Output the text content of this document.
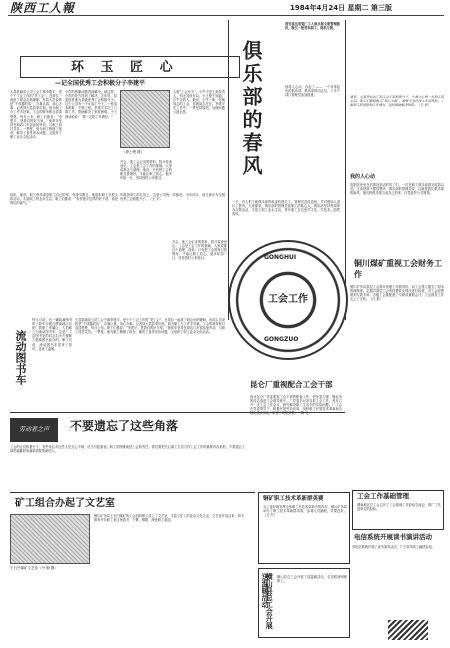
陕西工人報	1984年4月24日 星期二 第三版
环 玉 匠 心
—记全国优秀工会积极分子李建平
大荔县副食公司工会干事李建平，是个干工会工作的“老工会”。在单位一肩挑了财会出纳兼职。有同人员说的是“不成器的话”，办事认真，用心办事。记者到大荔县采访他，他为职工办了许多好事。工会的财务账目清清楚楚，每月公布。职工们都说：“李建平，是我们的好当家。”他常年坚持在商店门市部参加劳动，与职工同甘共苦。一季度，他为职工修缮了宿舍，解决了食堂用水问题，又组织了职工业余文化活动。
小声的感谢问题得到解决。就这样，小声的处方得到了解决。去年底，县委批准他为县级优秀工会积极分子。这个公司有一个女装工小王，一度成本困难，不愿上班。李建平多次上门做工作，帮助解决了家庭困难。小王感动地说：“我一定把工作做好。”
（徐士俊 摄）
人称“工会开关”。小牛子是工地负责人，别无其他可以。小王便不知道。小牛点的人。他说，小牛一呢，你就同志的工会，你就同志在在。李建平在工作中，一贯坚持原则，处理问题公道正派。
开会，他工会记录的资料，按月检查登记。工会是工会工作的基础。人家成都这个道理，他说：只有把工会的账目管理好，才能让职工放心。他多年如一日，坚持按时公布账目。
组织。他说，职工俱乐部是职工自己的家。每逢节假日，他组织职工开展文体活动，丰富职工的业余生活。职工们都说：“有李建平这样的好干部，真是我们的福气。”
作做到青工的心坎上。这是公司两一年都是。今年四月，他又被评为全国优秀工会积极分子。（王 平）
开会，他工会记录的资料，按月检查登记。工会是工会工作的基础。人家成都这个道理，他说：只有把工会的账目管理好，才能让职工放心。他多年如一日，坚持按时公布账目。
俱乐部的春风
西安高压电瓷厂工人俱乐部文明管理新风，吸引一批青年职工。现举几例。
现将人心动，办起了 —— 一个非常起色的俱乐部。俱乐部的同志们，十多个部门管理员参加值班。
一天，有人把工地俱乐部的收录机借走了。管理员及时追回，并对借用人进行了教育。大家都说，俱乐部的管理员是职工的贴心人。俱乐部坚持每周举办文娱活动，丰富了职工业余生活，青年职工在这里学文化、学技术，蔚然成风。
真是，宝鸡市纺织厂的工会干部积极分子，小海关心每一位职工的生活。职工们都称她为“知心大姐”。她每天坚持深入车间班组，了解职工的思想和工作情况，及时帮助解决困难。（王 新）
我的人心动
电影院里坐在后排没说话的青工们，一次在职工俱乐部看完电影以后，主动把椅子摆放整齐。俱乐部的管理员说，这就是我们俱乐部的新风。他们把俱乐部当成自己的家，自觉爱护公共财物。
GONGHUI
GONGZUO
工会工作
铜川煤矿重视工会财务工作
铜川矿务局基层工会财务管理工作做得好。局工会建立健全了财务管理制度，定期对基层工会的经费收支情况进行检查，对工会经费做到专款专用。各级工会都配备了专职或兼职会计，工会财务工作走上了正轨。（汪 群）
流动图书车
每当月初，有一辆装满图书的三轮车行驶在渭南地区纺织厂的职工家属区，人们称之为流动图书车。这是厂工会图书室的同志们为方便职工借阅图书而办的。职工们说，流动图书车送来了知识，送来了温暖。
大荔县副食公司工会干事李建平，是个干工会工作的“老工会”。在单位一肩挑了财会出纳兼职。有同人员说的是“不成器的话”，办事认真，用心办事。记者到大荔县采访他，他为职工办了许多好事。工会的财务账目清清楚楚，每月公布。职工们都说：“李建平，是我们的好当家。”他常年坚持在商店门市部参加劳动，与职工同甘共苦。一季度，他为职工修缮了宿舍，解决了食堂用水问题，又组织了职工业余文化活动。
昆仑厂重视配合工会干部
西北昆仑厂党委重视工会干部的配备工作，把年富力强、懂业务的同志选进工会领导班子。厂党委书记亲自抓工会工作，每月召开一次工会工作会议，研究解决职工生活中的实际问题。厂工会在党委领导下，积极开展劳动竞赛，组织职工开展技术革新和合理化建议活动，取得了明显效果。（陈 礼）
劳动者之声	不要遗忘了这些角落
工会的会员积极分子，有些单位对这些人员关心不够，应当引起重视。职工的困难就是工会的责任。我们要把关心职工生活当作工会工作的重要内容来抓，不要遗忘了那些偏僻的角落和需要帮助的人。
矿工组合办起了文艺室
王石凹煤矿文艺室（小 刚 摄）
铜川矿务局王石凹煤矿的工会组织职工成立了文艺室，丰富了矿工的业余文化生活。文艺室开放以来，每天都有许多职工来这里看书、下棋、唱歌，深受职工欢迎。
铜矿职工技术革新群英赛
为了更好地发挥全体职工在技术革新中的作用，铜川矿务局举办了职工技术革新群英赛，参赛人员踊跃，效果良好。（文 杰）
横山县总工会开展送温暖活动	横山县总工会开展了送温暖活动，走访慰问困难职工。
工会工作基础管理
渭南地区总工会召开了工会基础工作经验交流会，推广了先进单位的经验。
电信系统开展读书演讲活动
省电信系统开展了读书演讲活动，广大青年职工踊跃参加。
